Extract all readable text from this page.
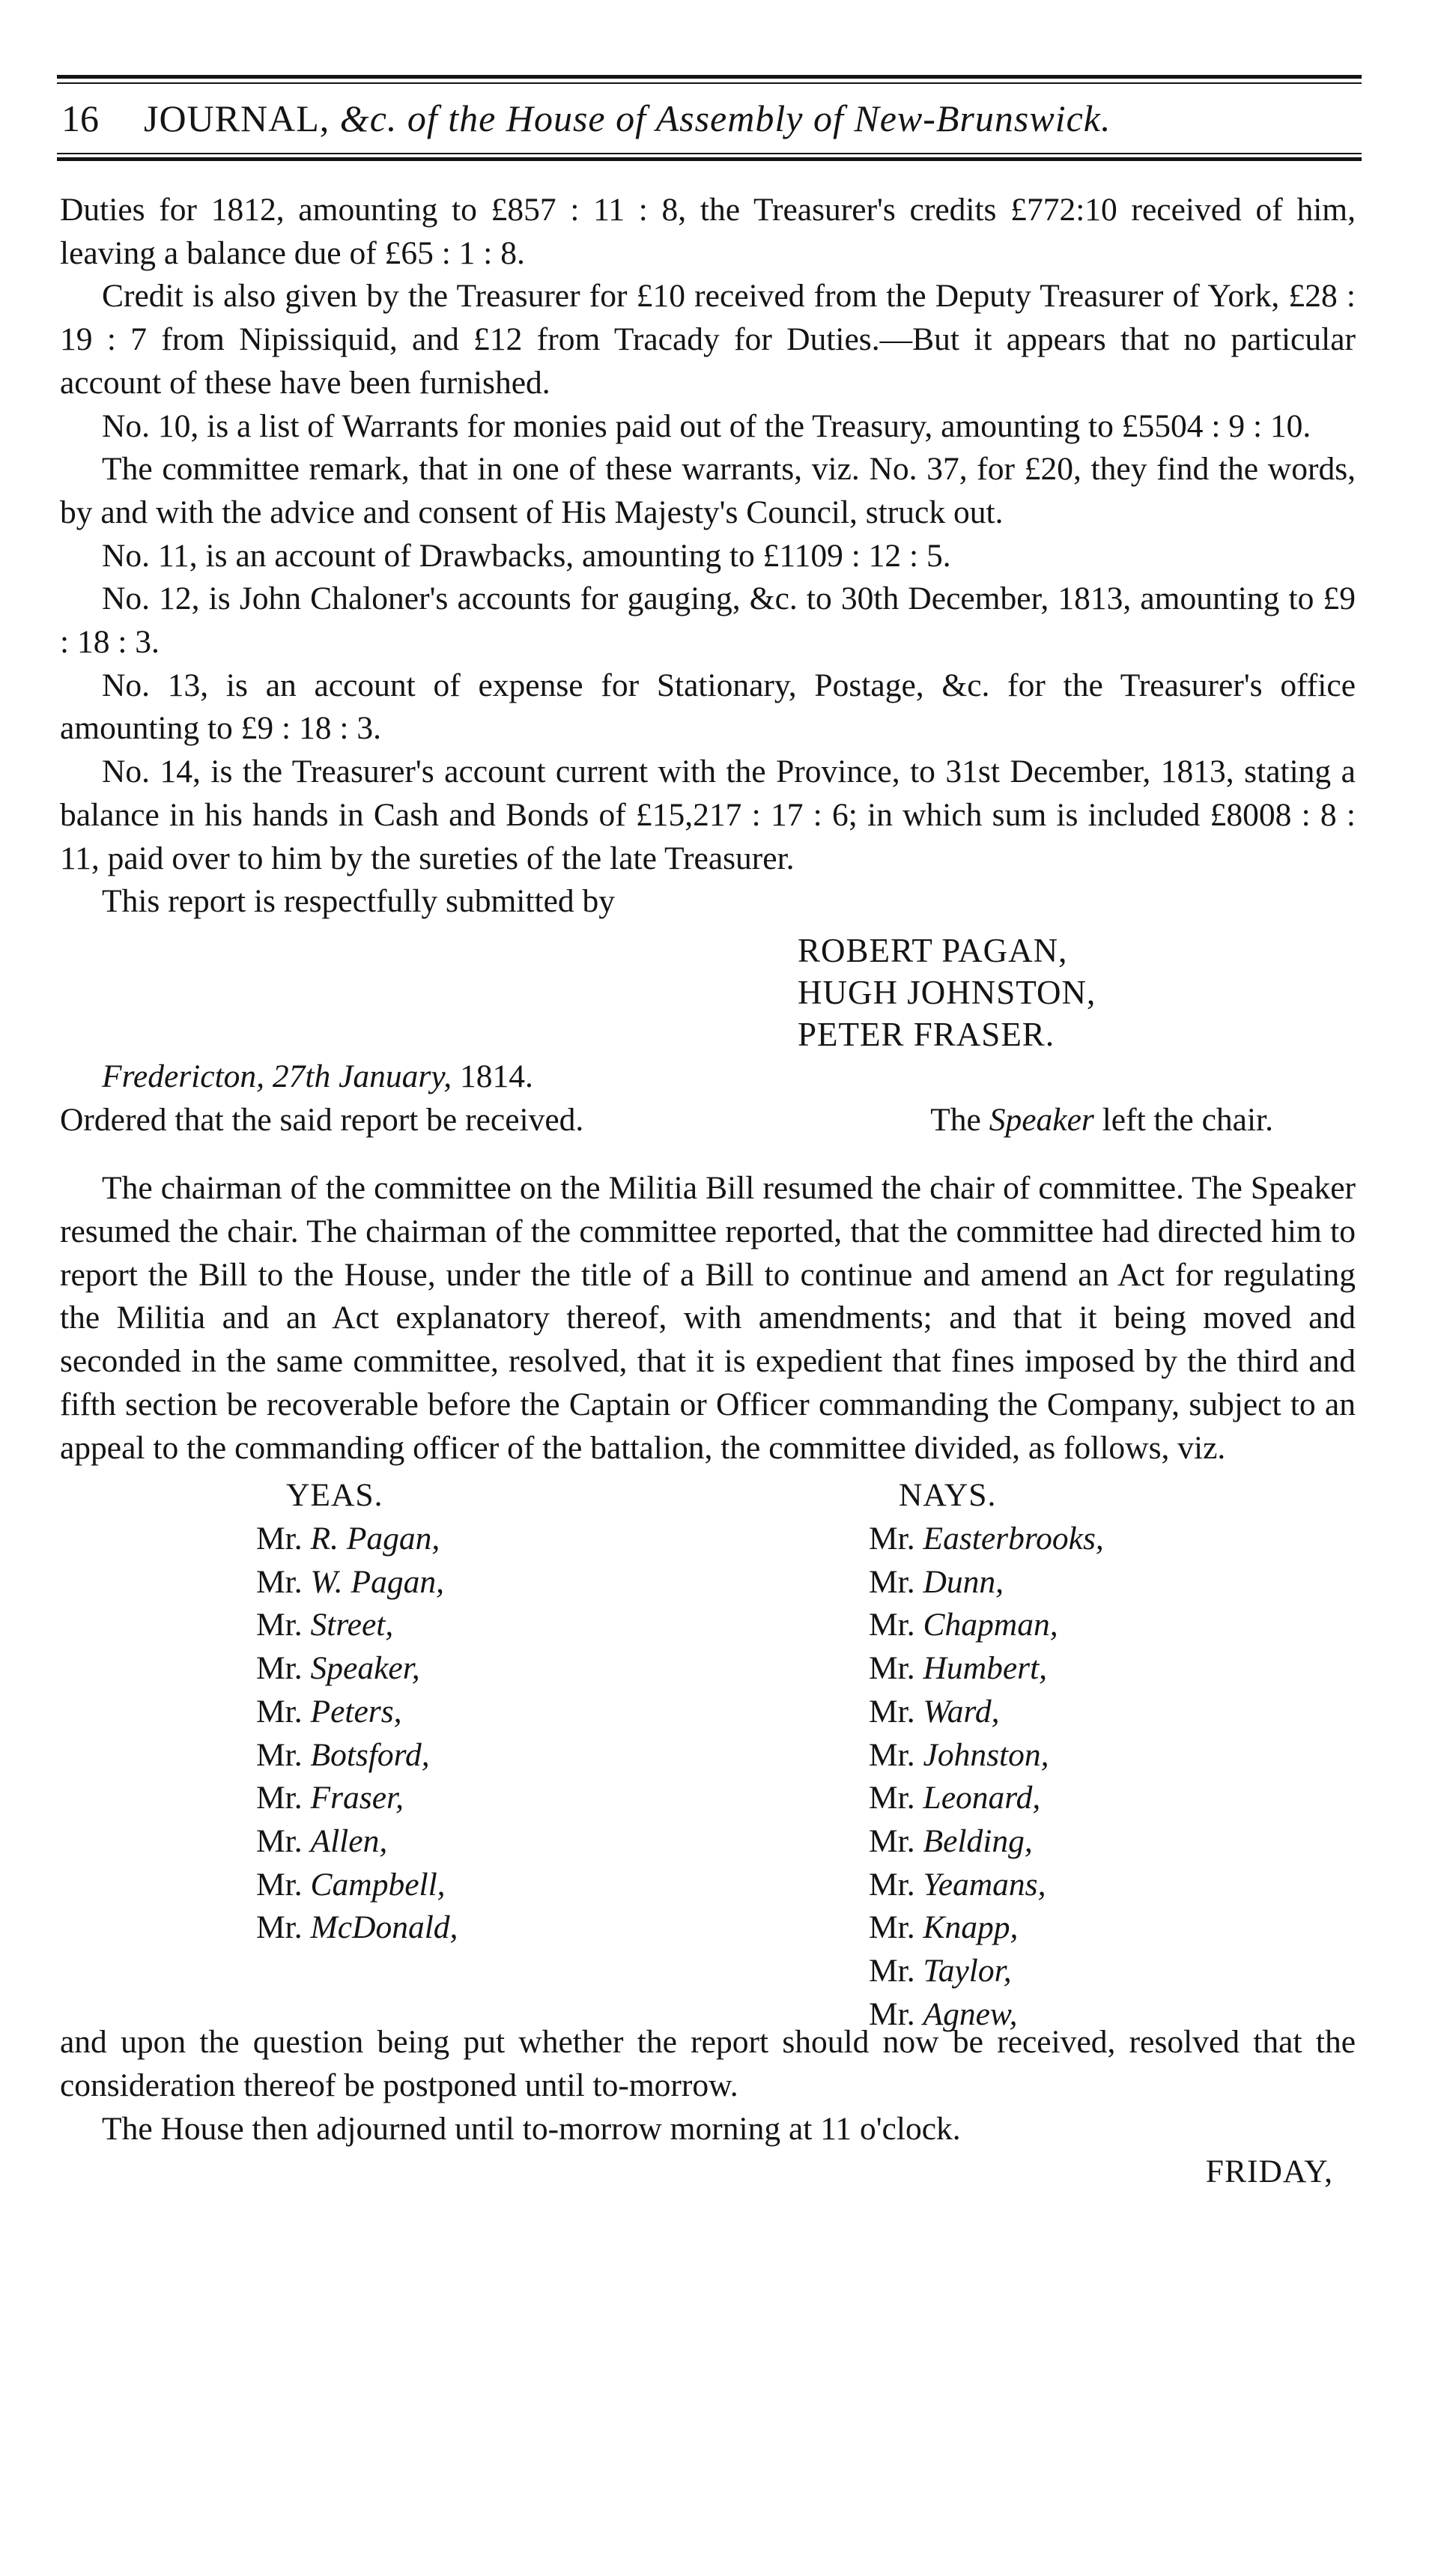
16 JOURNAL, &c. of the House of Assembly of New-Brunswick.

Duties for 1812, amounting to £857 : 11 : 8, the Treasurer's credits £772:10 received of him, leaving a balance due of £65 : 1 : 8.

Credit is also given by the Treasurer for £10 received from the Deputy Treasurer of York, £28 : 19 : 7 from Nipissiquid, and £12 from Tracady for Duties.—But it appears that no particular account of these have been furnished.

No. 10, is a list of Warrants for monies paid out of the Treasury, amounting to £5504 : 9 : 10.

The committee remark, that in one of these warrants, viz. No. 37, for £20, they find the words, by and with the advice and consent of His Majesty's Council, struck out.

No. 11, is an account of Drawbacks, amounting to £1109 : 12 : 5.

No. 12, is John Chaloner's accounts for gauging, &c. to 30th December, 1813, amounting to £9 : 18 : 3.

No. 13, is an account of expense for Stationary, Postage, &c. for the Treasurer's office amounting to £9 : 18 : 3.

No. 14, is the Treasurer's account current with the Province, to 31st December, 1813, stating a balance in his hands in Cash and Bonds of £15,217 : 17 : 6; in which sum is included £8008 : 8 : 11, paid over to him by the sureties of the late Treasurer.

This report is respectfully submitted by

ROBERT PAGAN,
HUGH JOHNSTON,
PETER FRASER.

Fredericton, 27th January, 1814.

Ordered that the said report be received.	The Speaker left the chair.

The chairman of the committee on the Militia Bill resumed the chair of committee. The Speaker resumed the chair. The chairman of the committee reported, that the committee had directed him to report the Bill to the House, under the title of a Bill to continue and amend an Act for regulating the Militia and an Act explanatory thereof, with amendments; and that it being moved and seconded in the same committee, resolved, that it is expedient that fines imposed by the third and fifth section be recoverable before the Captain or Officer commanding the Company, subject to an appeal to the commanding officer of the battalion, the committee divided, as follows, viz.

YEAS.
Mr. R. Pagan,
Mr. W. Pagan,
Mr. Street,
Mr. Speaker,
Mr. Peters,
Mr. Botsford,
Mr. Fraser,
Mr. Allen,
Mr. Campbell,
Mr. McDonald,
NAYS.
Mr. Easterbrooks,
Mr. Dunn,
Mr. Chapman,
Mr. Humbert,
Mr. Ward,
Mr. Johnston,
Mr. Leonard,
Mr. Belding,
Mr. Yeamans,
Mr. Knapp,
Mr. Taylor,
Mr. Agnew,

and upon the question being put whether the report should now be received, resolved that the consideration thereof be postponed until to-morrow.

The House then adjourned until to-morrow morning at 11 o'clock.

FRIDAY,
